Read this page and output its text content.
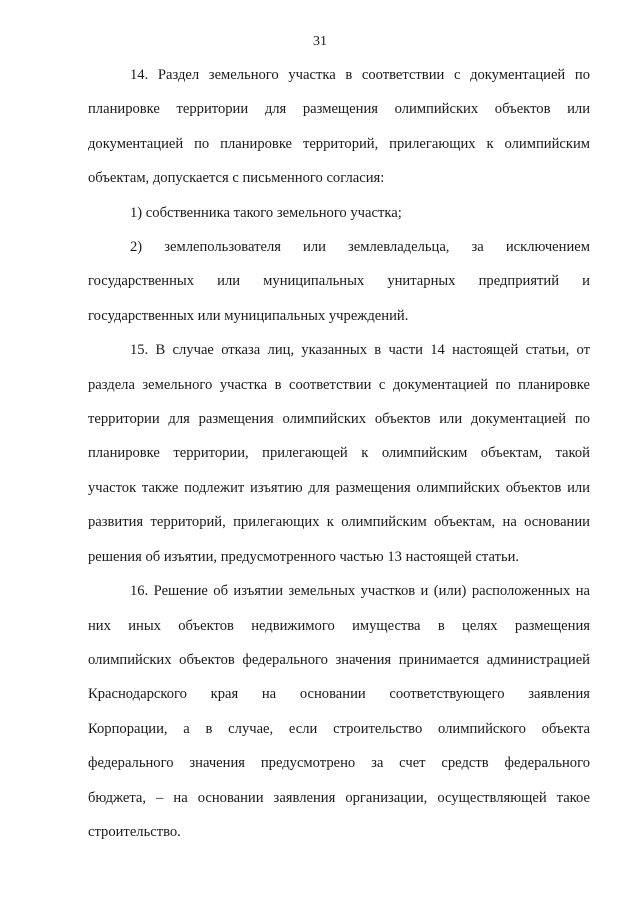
31
14. Раздел земельного участка в соответствии с документацией по
планировке территории для размещения олимпийских объектов или
документацией по планировке территорий, прилегающих к олимпийским
объектам, допускается с письменного согласия:
1) собственника такого земельного участка;
2) землепользователя или землевладельца, за исключением
государственных или муниципальных унитарных предприятий и
государственных или муниципальных учреждений.
15. В случае отказа лиц, указанных в части 14 настоящей статьи, от
раздела земельного участка в соответствии с документацией по планировке
территории для размещения олимпийских объектов или документацией по
планировке территории, прилегающей к олимпийским объектам, такой
участок также подлежит изъятию для размещения олимпийских объектов или
развития территорий, прилегающих к олимпийским объектам, на основании
решения об изъятии, предусмотренного частью 13 настоящей статьи.
16. Решение об изъятии земельных участков и (или) расположенных на
них иных объектов недвижимого имущества в целях размещения
олимпийских объектов федерального значения принимается администрацией
Краснодарского края на основании соответствующего заявления
Корпорации, а в случае, если строительство олимпийского объекта
федерального значения предусмотрено за счет средств федерального
бюджета, – на основании заявления организации, осуществляющей такое
строительство.
